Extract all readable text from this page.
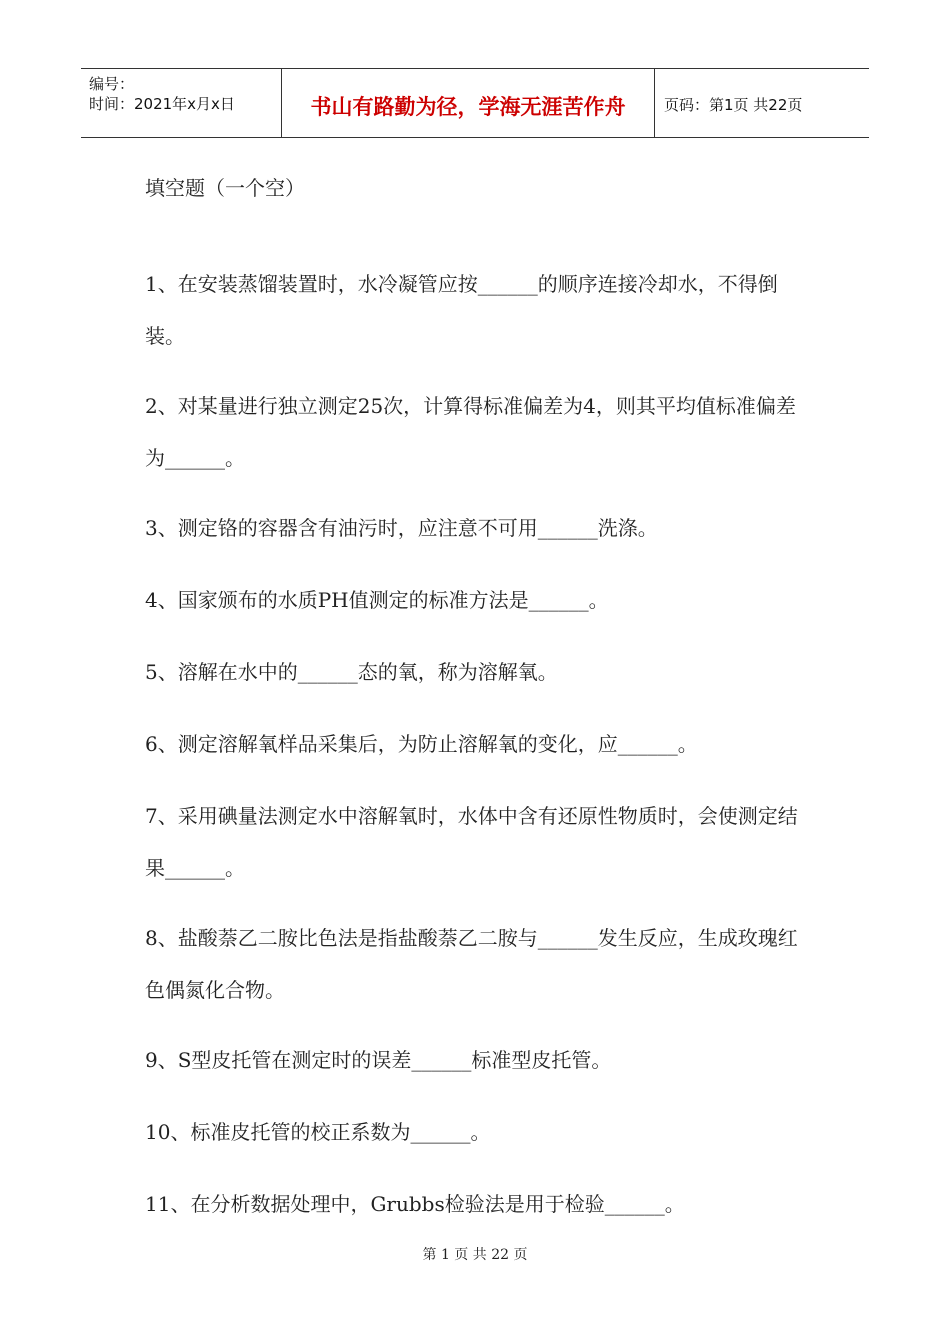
编号：
时间：2021年x月x日	书山有路勤为径，学海无涯苦作舟	页码：第1页 共22页
填空题（一个空）

1、在安装蒸馏装置时，水冷凝管应按______的顺序连接冷却水，不得倒装。

2、对某量进行独立测定25次，计算得标准偏差为4，则其平均值标准偏差为______。

3、测定铬的容器含有油污时，应注意不可用______洗涤。

4、国家颁布的水质PH值测定的标准方法是______。

5、溶解在水中的______态的氧，称为溶解氧。

6、测定溶解氧样品采集后，为防止溶解氧的变化，应______。

7、采用碘量法测定水中溶解氧时，水体中含有还原性物质时，会使测定结果______。

8、盐酸萘乙二胺比色法是指盐酸萘乙二胺与______发生反应，生成玫瑰红色偶氮化合物。

9、S型皮托管在测定时的误差______标准型皮托管。

10、标准皮托管的校正系数为______。

11、在分析数据处理中，Grubbs检验法是用于检验______。

第 1 页 共 22 页
